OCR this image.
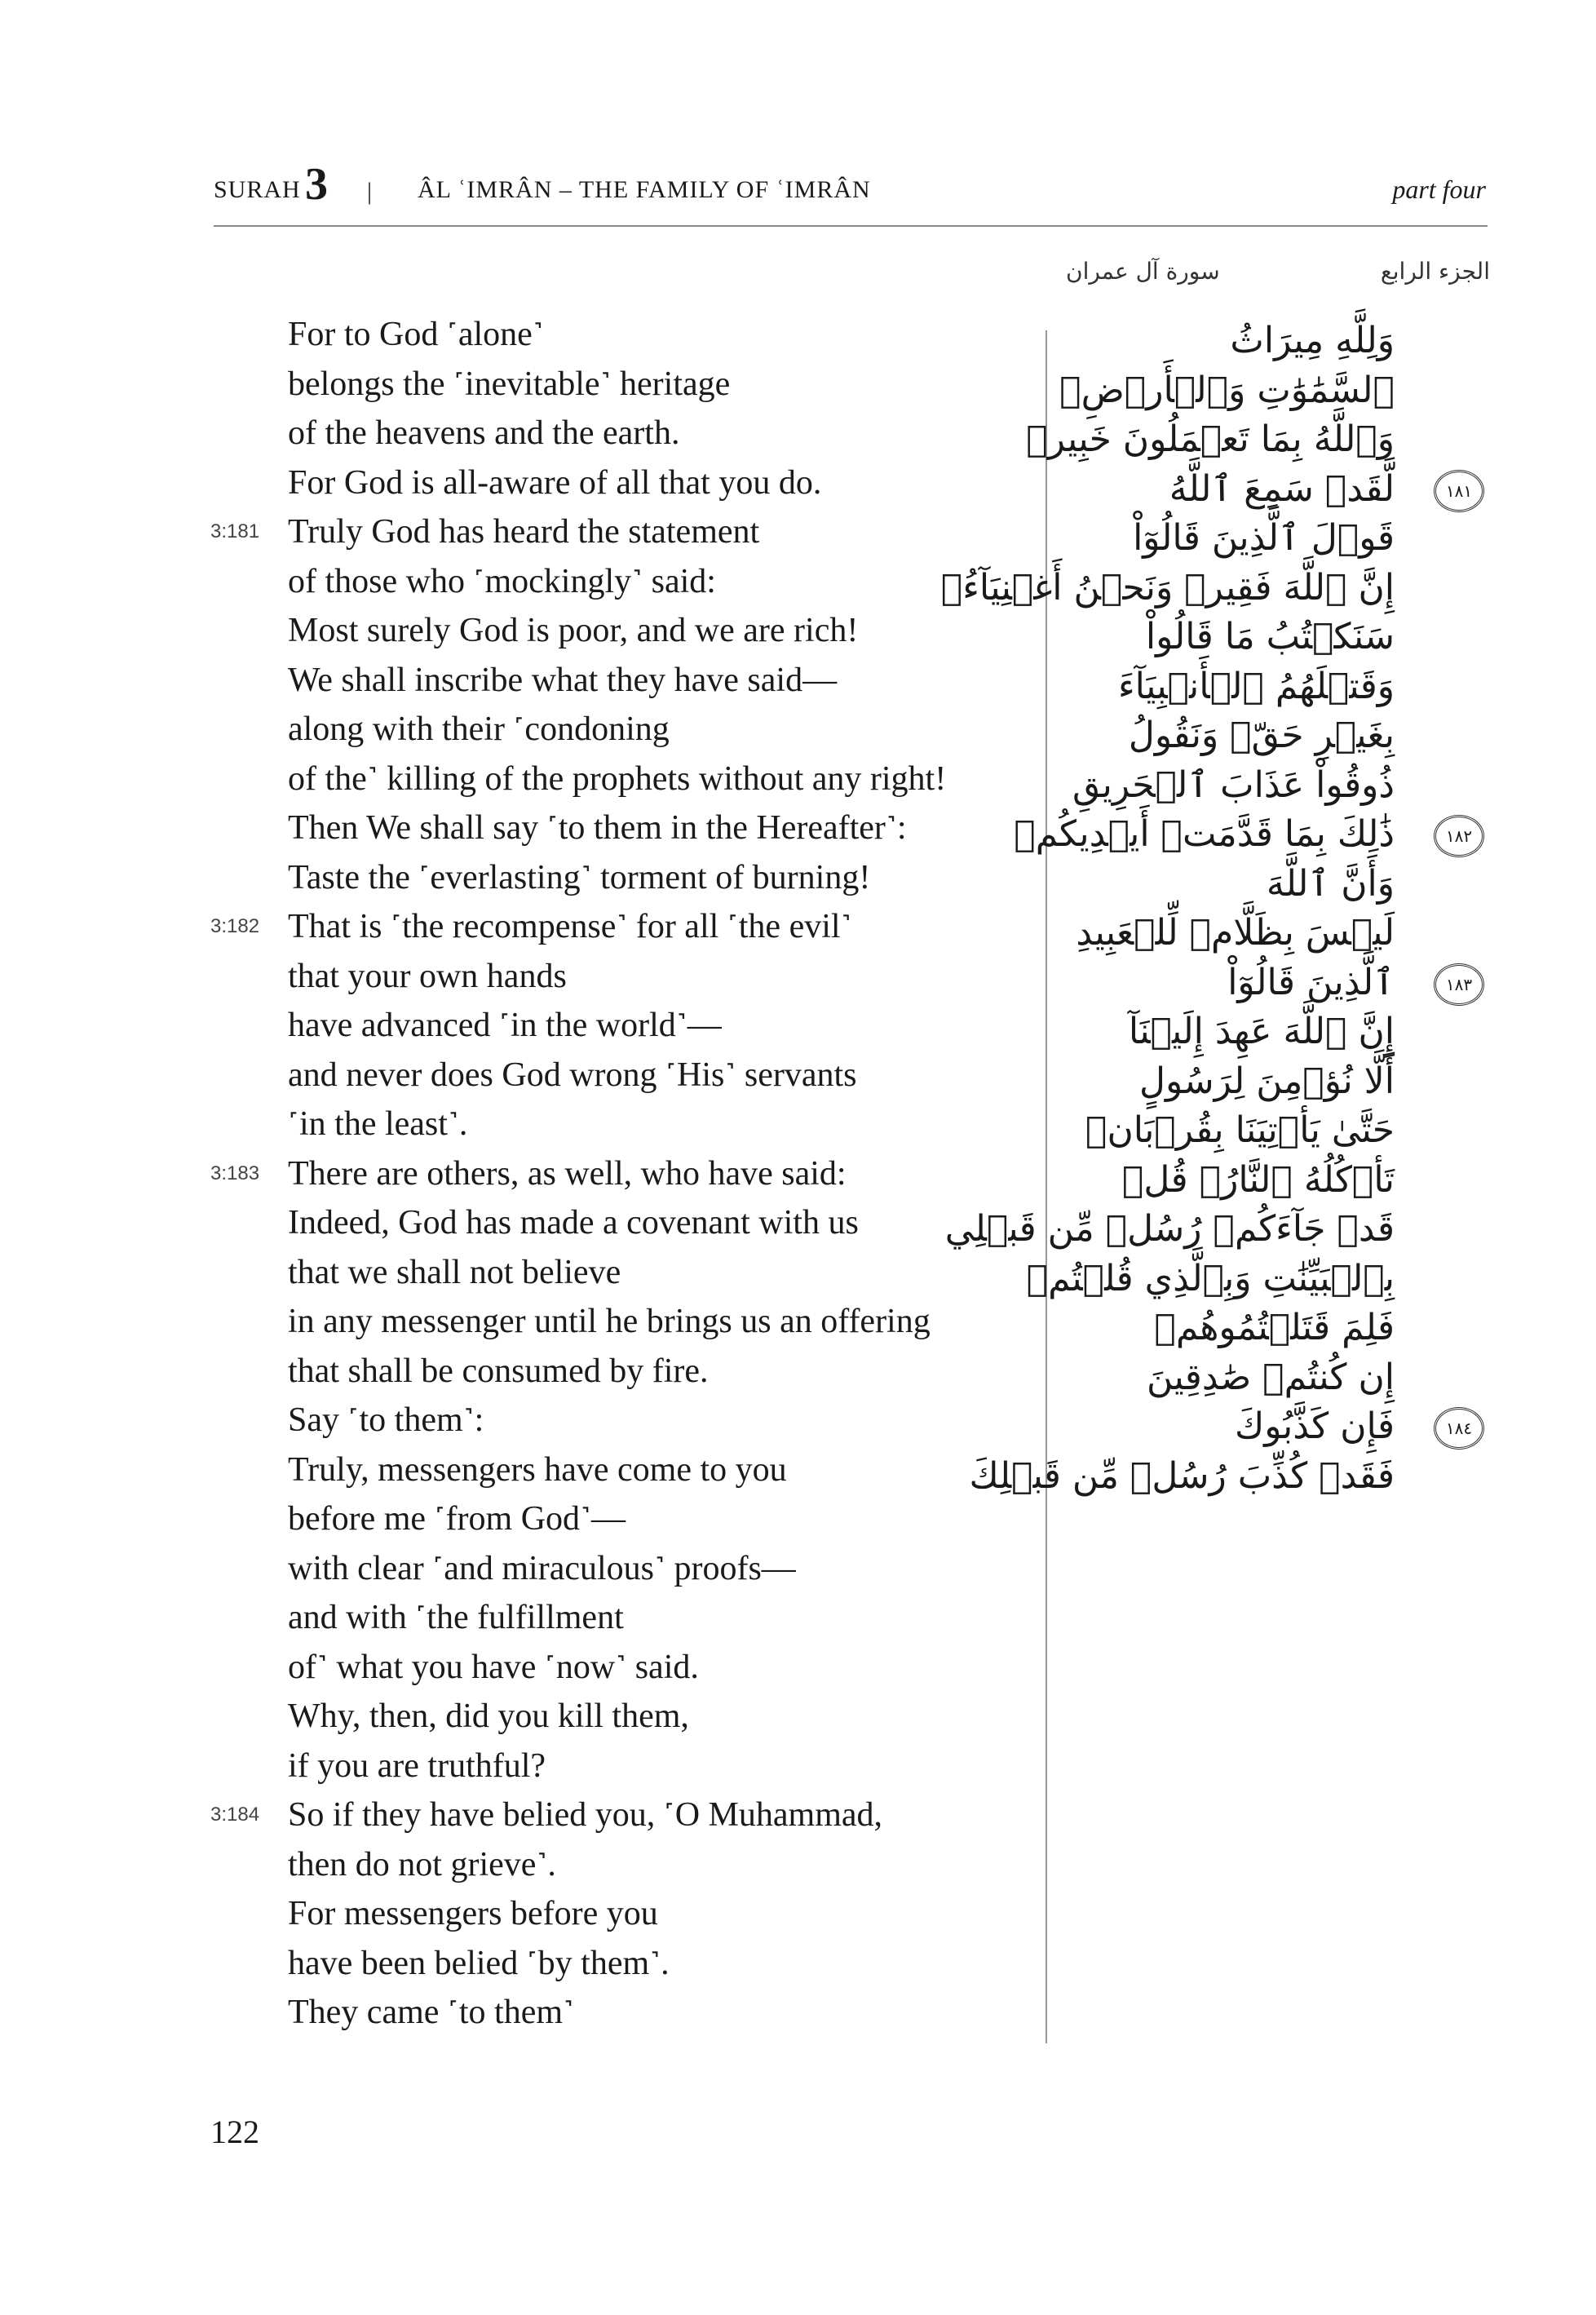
SURAH 3 | ÂL ʿIMRÂN – THE FAMILY OF ʿIMRÂN	part four
الجزء الرابع
سورة آل عمران
For to God ˹alone˺
belongs the ˹inevitable˺ heritage
of the heavens and the earth.
For God is all-aware of all that you do.
3:181 Truly God has heard the statement
of those who ˹mockingly˺ said:
Most surely God is poor, and we are rich!
We shall inscribe what they have said—
along with their ˹condoning
of the˺ killing of the prophets without any right!
Then We shall say ˹to them in the Hereafter˺:
Taste the ˹everlasting˺ torment of burning!
3:182 That is ˹the recompense˺ for all ˹the evil˺
that your own hands
have advanced ˹in the world˺—
and never does God wrong ˹His˺ servants
˹in the least˺.
3:183 There are others, as well, who have said:
Indeed, God has made a covenant with us
that we shall not believe
in any messenger until he brings us an offering
that shall be consumed by fire.
Say ˹to them˺:
Truly, messengers have come to you
before me ˹from God˺—
with clear ˹and miraculous˺ proofs—
and with ˹the fulfillment
of˺ what you have ˹now˺ said.
Why, then, did you kill them,
if you are truthful?
3:184 So if they have belied you, ˹O Muhammad,
then do not grieve˺.
For messengers before you
have been belied ˹by them˺.
They came ˹to them˺
وَلِلَّهِ مِيرَاثُ
ٱلسَّمَٰوَٰتِ وَٱلۡأَرۡضِۗ
وَٱللَّهُ بِمَا تَعۡمَلُونَ خَبِيرٞ
١٨١
لَّقَدۡ سَمِعَ ٱللَّهُ
قَوۡلَ ٱلَّذِينَ قَالُوٓاْ
إِنَّ ٱللَّهَ فَقِيرٞ وَنَحۡنُ أَغۡنِيَآءُۘ
سَنَكۡتُبُ مَا قَالُواْ
وَقَتۡلَهُمُ ٱلۡأَنۢبِيَآءَ
بِغَيۡرِ حَقّٖ وَنَقُولُ
ذُوقُواْ عَذَابَ ٱلۡحَرِيقِ
١٨٢
ذَٰلِكَ بِمَا قَدَّمَتۡ أَيۡدِيكُمۡ
وَأَنَّ ٱللَّهَ
لَيۡسَ بِظَلَّامٖ لِّلۡعَبِيدِ
١٨٣
ٱلَّذِينَ قَالُوٓاْ
إِنَّ ٱللَّهَ عَهِدَ إِلَيۡنَآ
أَلَّا نُؤۡمِنَ لِرَسُولٍ
حَتَّىٰ يَأۡتِيَنَا بِقُرۡبَانٖ
تَأۡكُلُهُ ٱلنَّارُۗ قُلۡ
قَدۡ جَآءَكُمۡ رُسُلٞ مِّن قَبۡلِي
بِٱلۡبَيِّنَٰتِ وَبِٱلَّذِي قُلۡتُمۡ
فَلِمَ قَتَلۡتُمُوهُمۡ
إِن كُنتُمۡ صَٰدِقِينَ
١٨٤
فَإِن كَذَّبُوكَ
فَقَدۡ كُذِّبَ رُسُلٞ مِّن قَبۡلِكَ
122
